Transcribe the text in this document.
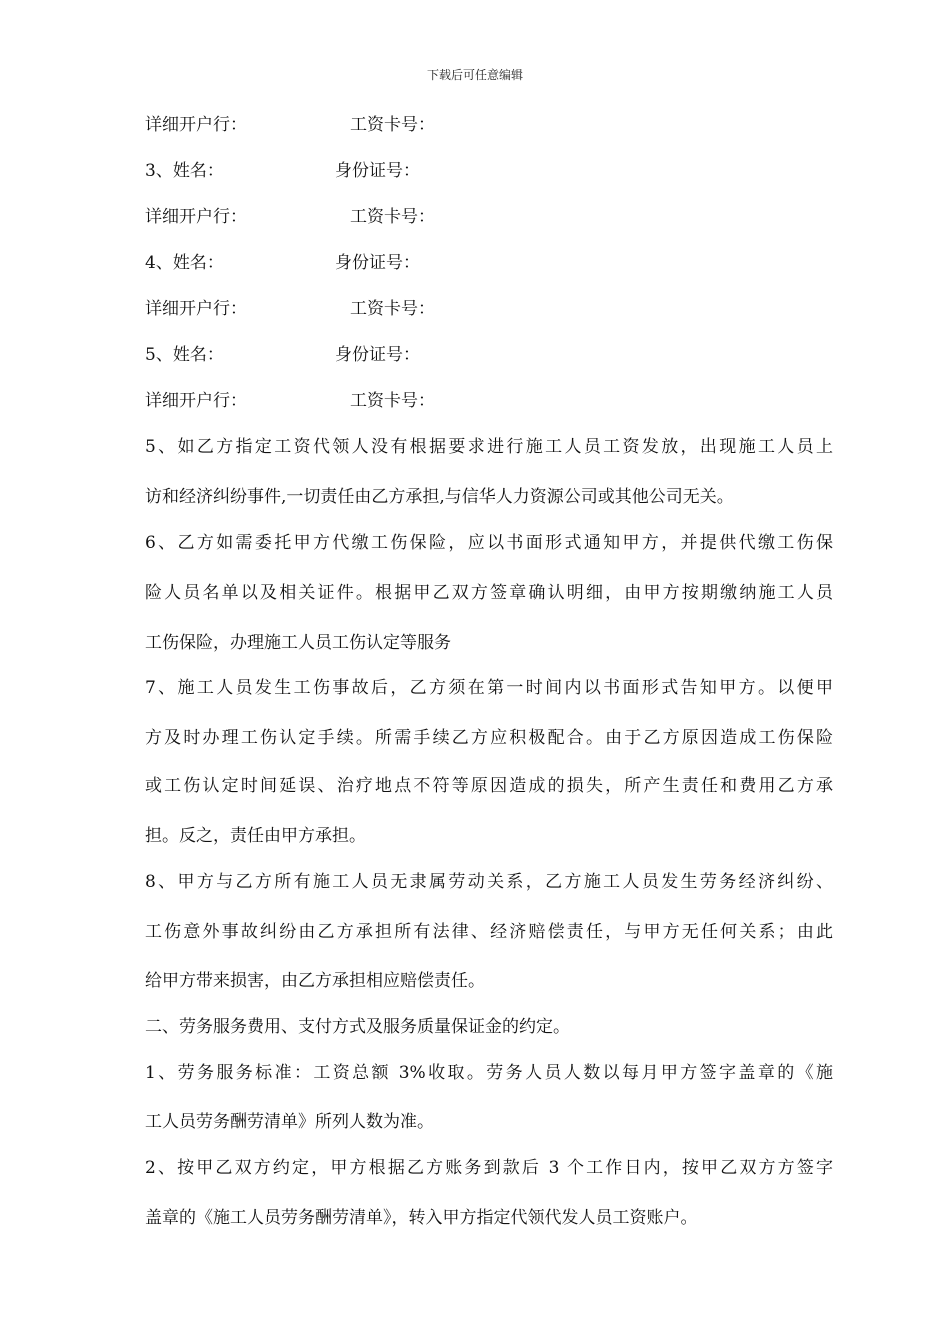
下载后可任意编辑
详细开户行：	工资卡号：
3、姓名：	身份证号：
详细开户行：	工资卡号：
4、姓名：	身份证号：
详细开户行：	工资卡号：
5、姓名：	身份证号：
详细开户行：	工资卡号：
5、如乙方指定工资代领人没有根据要求进行施工人员工资发放，出现施工人员上
访和经济纠纷事件,一切责任由乙方承担,与信华人力资源公司或其他公司无关。
6、乙方如需委托甲方代缴工伤保险，应以书面形式通知甲方，并提供代缴工伤保
险人员名单以及相关证件。根据甲乙双方签章确认明细，由甲方按期缴纳施工人员
工伤保险，办理施工人员工伤认定等服务
7、施工人员发生工伤事故后，乙方须在第一时间内以书面形式告知甲方。以便甲
方及时办理工伤认定手续。所需手续乙方应积极配合。由于乙方原因造成工伤保险
或工伤认定时间延误、治疗地点不符等原因造成的损失，所产生责任和费用乙方承
担。反之，责任由甲方承担。
8、甲方与乙方所有施工人员无隶属劳动关系，乙方施工人员发生劳务经济纠纷、
工伤意外事故纠纷由乙方承担所有法律、经济赔偿责任，与甲方无任何关系；由此
给甲方带来损害，由乙方承担相应赔偿责任。
二、劳务服务费用、支付方式及服务质量保证金的约定。
1、劳务服务标准：工资总额 3%收取。劳务人员人数以每月甲方签字盖章的《施
工人员劳务酬劳清单》所列人数为准。
2、按甲乙双方约定，甲方根据乙方账务到款后 3 个工作日内，按甲乙双方方签字
盖章的《施工人员劳务酬劳清单》，转入甲方指定代领代发人员工资账户。
